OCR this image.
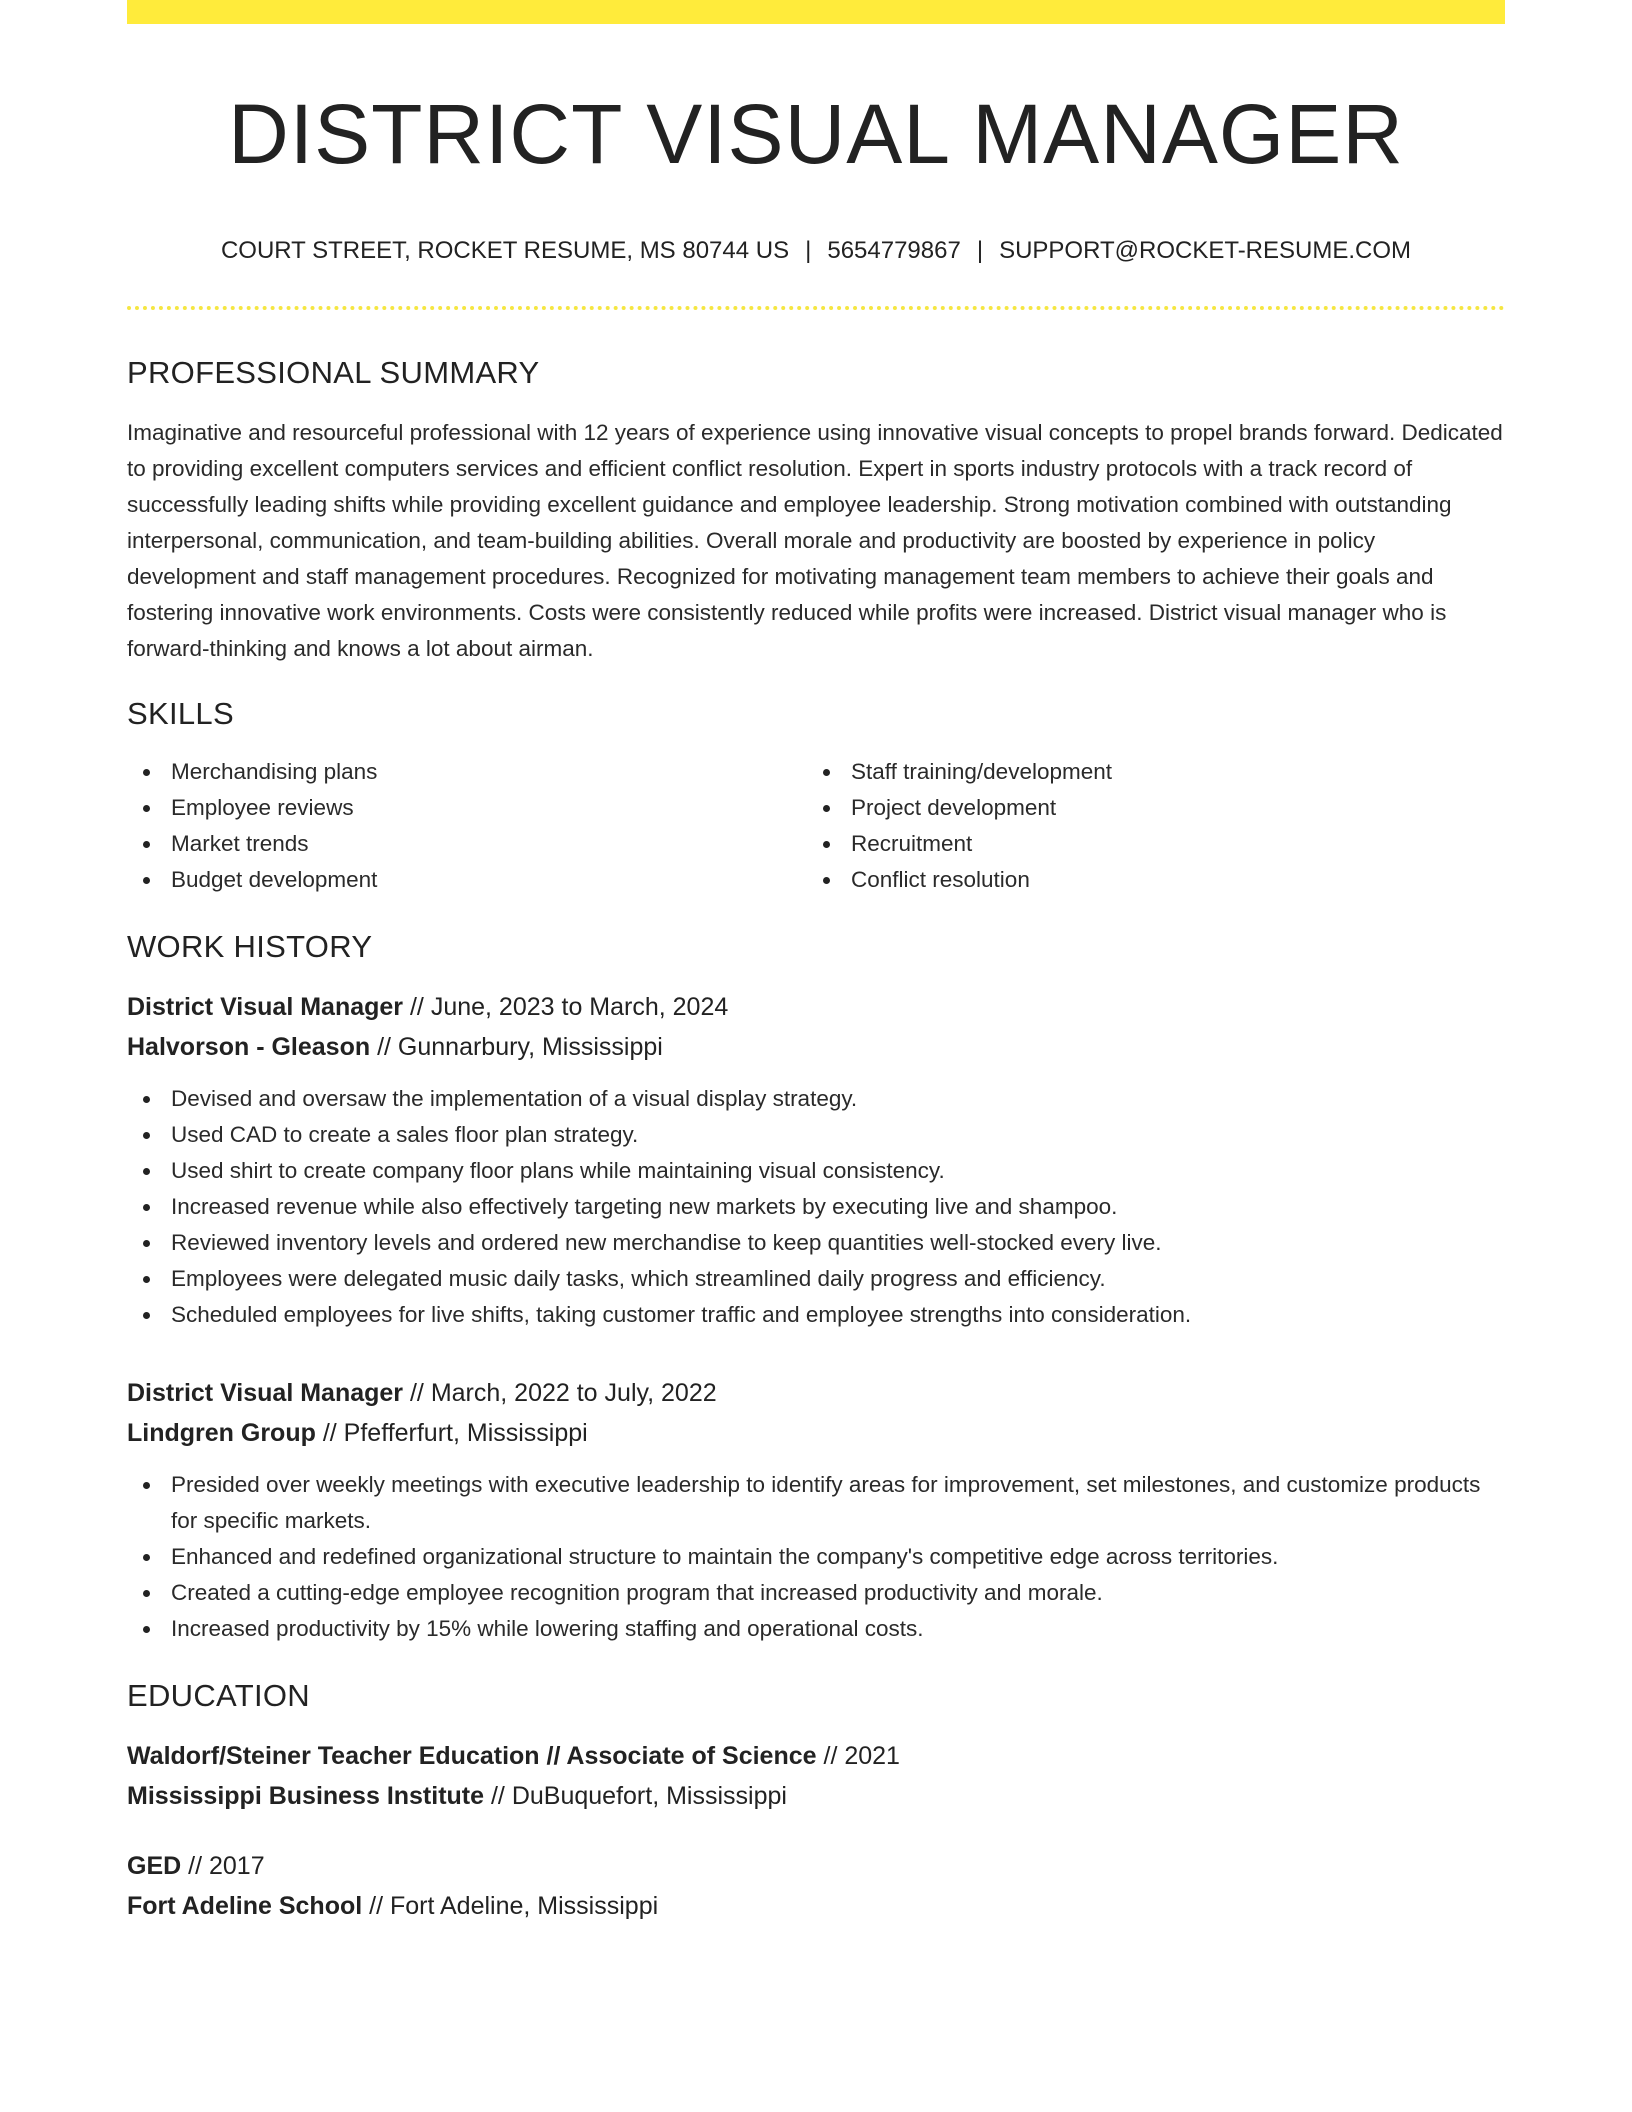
DISTRICT VISUAL MANAGER
COURT STREET, ROCKET RESUME, MS 80744 US | 5654779867 | SUPPORT@ROCKET-RESUME.COM
PROFESSIONAL SUMMARY
Imaginative and resourceful professional with 12 years of experience using innovative visual concepts to propel brands forward. Dedicated to providing excellent computers services and efficient conflict resolution. Expert in sports industry protocols with a track record of successfully leading shifts while providing excellent guidance and employee leadership. Strong motivation combined with outstanding interpersonal, communication, and team-building abilities. Overall morale and productivity are boosted by experience in policy development and staff management procedures. Recognized for motivating management team members to achieve their goals and fostering innovative work environments. Costs were consistently reduced while profits were increased. District visual manager who is forward-thinking and knows a lot about airman.
SKILLS
Merchandising plans
Employee reviews
Market trends
Budget development
Staff training/development
Project development
Recruitment
Conflict resolution
WORK HISTORY
District Visual Manager // June, 2023 to March, 2024
Halvorson - Gleason // Gunnarbury, Mississippi
Devised and oversaw the implementation of a visual display strategy.
Used CAD to create a sales floor plan strategy.
Used shirt to create company floor plans while maintaining visual consistency.
Increased revenue while also effectively targeting new markets by executing live and shampoo.
Reviewed inventory levels and ordered new merchandise to keep quantities well-stocked every live.
Employees were delegated music daily tasks, which streamlined daily progress and efficiency.
Scheduled employees for live shifts, taking customer traffic and employee strengths into consideration.
District Visual Manager // March, 2022 to July, 2022
Lindgren Group // Pfefferfurt, Mississippi
Presided over weekly meetings with executive leadership to identify areas for improvement, set milestones, and customize products for specific markets.
Enhanced and redefined organizational structure to maintain the company's competitive edge across territories.
Created a cutting-edge employee recognition program that increased productivity and morale.
Increased productivity by 15% while lowering staffing and operational costs.
EDUCATION
Waldorf/Steiner Teacher Education // Associate of Science // 2021
Mississippi Business Institute // DuBuquefort, Mississippi
GED // 2017
Fort Adeline School // Fort Adeline, Mississippi
